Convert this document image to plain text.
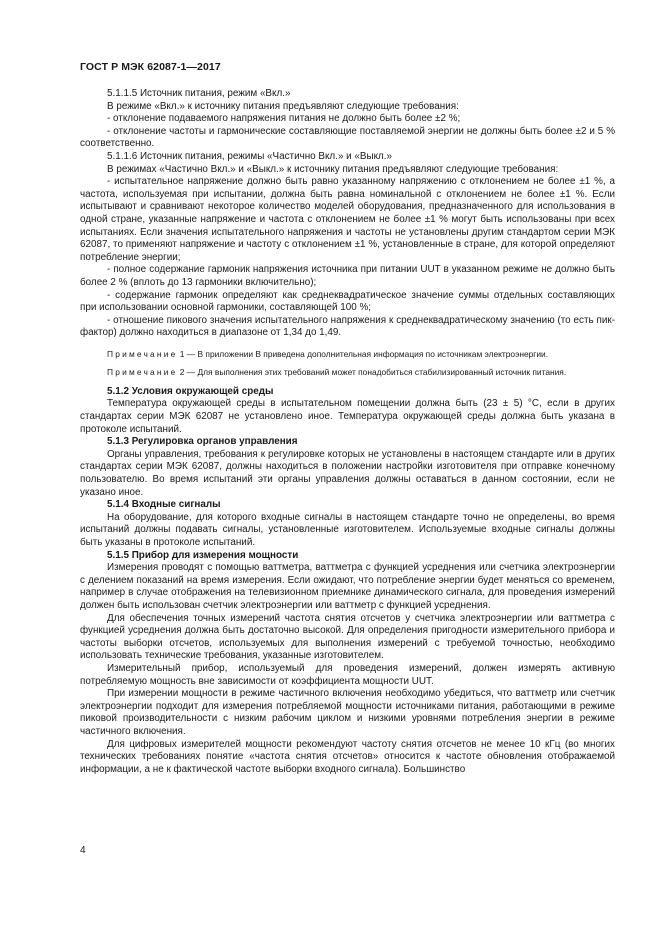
ГОСТ Р МЭК 62087-1—2017

5.1.1.5 Источник питания, режим «Вкл.»

В режиме «Вкл.» к источнику питания предъявляют следующие требования:

- отклонение подаваемого напряжения питания не должно быть более ±2 %;

- отклонение частоты и гармонические составляющие поставляемой энергии не должны быть более ±2 и 5 % соответственно.

5.1.1.6 Источник питания, режимы «Частично Вкл.» и «Выкл.»

В режимах «Частично Вкл.» и «Выкл.» к источнику питания предъявляют следующие требования:

- испытательное напряжение должно быть равно указанному напряжению с отклонением не более ±1 %, а частота, используемая при испытании, должна быть равна номинальной с отклонением не более ±1 %. Если испытывают и сравнивают некоторое количество моделей оборудования, предназначенного для использования в одной стране, указанные напряжение и частота с отклонением не более ±1 % могут быть использованы при всех испытаниях. Если значения испытательного напряжения и частоты не установлены другим стандартом серии МЭК 62087, то применяют напряжение и частоту с отклонением ±1 %, установленные в стране, для которой определяют потребление энергии;

- полное содержание гармоник напряжения источника при питании UUT в указанном режиме не должно быть более 2 % (вплоть до 13 гармоники включительно);

- содержание гармоник определяют как среднеквадратическое значение суммы отдельных составляющих при использовании основной гармоники, составляющей 100 %;

- отношение пикового значения испытательного напряжения к среднеквадратическому значению (то есть пик-фактор) должно находиться в диапазоне от 1,34 до 1,49.

Примечание 1 — В приложении В приведена дополнительная информация по источникам электроэнергии.

Примечание 2 — Для выполнения этих требований может понадобиться стабилизированный источник питания.

5.1.2 Условия окружающей среды

Температура окружающей среды в испытательном помещении должна быть (23 ± 5) °С, если в других стандартах серии МЭК 62087 не установлено иное. Температура окружающей среды должна быть указана в протоколе испытаний.

5.1.3 Регулировка органов управления

Органы управления, требования к регулировке которых не установлены в настоящем стандарте или в других стандартах серии МЭК 62087, должны находиться в положении настройки изготовителя при отправке конечному пользователю. Во время испытаний эти органы управления должны оставаться в данном состоянии, если не указано иное.

5.1.4 Входные сигналы

На оборудование, для которого входные сигналы в настоящем стандарте точно не определены, во время испытаний должны подавать сигналы, установленные изготовителем. Используемые входные сигналы должны быть указаны в протоколе испытаний.

5.1.5 Прибор для измерения мощности

Измерения проводят с помощью ваттметра, ваттметра с функцией усреднения или счетчика электроэнергии с делением показаний на время измерения. Если ожидают, что потребление энергии будет меняться со временем, например в случае отображения на телевизионном приемнике динамического сигнала, для проведения измерений должен быть использован счетчик электроэнергии или ваттметр с функцией усреднения.

Для обеспечения точных измерений частота снятия отсчетов у счетчика электроэнергии или ваттметра с функцией усреднения должна быть достаточно высокой. Для определения пригодности измерительного прибора и частоты выборки отсчетов, используемых для выполнения измерений с требуемой точностью, необходимо использовать технические требования, указанные изготовителем.

Измерительный прибор, используемый для проведения измерений, должен измерять активную потребляемую мощность вне зависимости от коэффициента мощности UUT.

При измерении мощности в режиме частичного включения необходимо убедиться, что ваттметр или счетчик электроэнергии подходит для измерения потребляемой мощности источниками питания, работающими в режиме пиковой производительности с низким рабочим циклом и низкими уровнями потребления энергии в режиме частичного включения.

Для цифровых измерителей мощности рекомендуют частоту снятия отсчетов не менее 10 кГц (во многих технических требованиях понятие «частота снятия отсчетов» относится к частоте обновления отображаемой информации, а не к фактической частоте выборки входного сигнала). Большинство

4
